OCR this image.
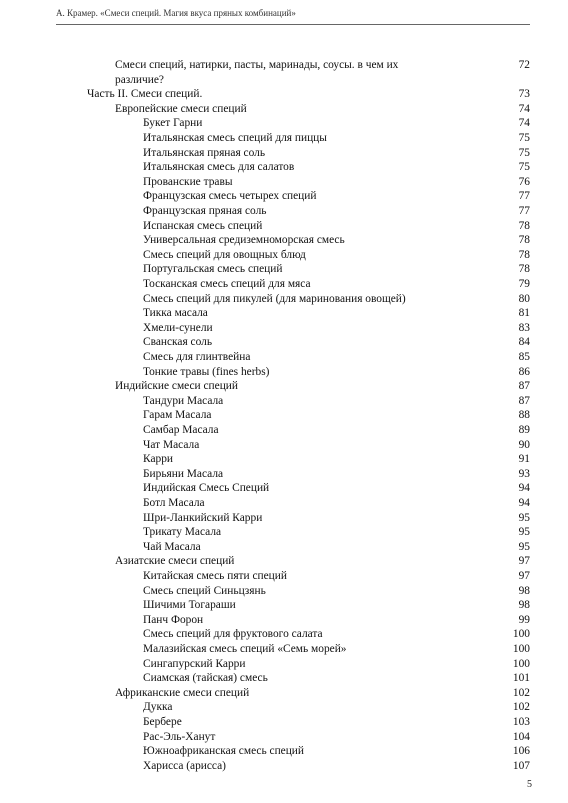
А. Крамер. «Смеси специй. Магия вкуса пряных комбинаций»
Смеси специй, натирки, пасты, маринады, соусы. в чем их	72
различие?
Часть II. Смеси специй.	73
Европейские смеси специй	74
Букет Гарни	74
Итальянская смесь специй для пиццы	75
Итальянская пряная соль	75
Итальянская смесь для салатов	75
Прованские травы	76
Французская смесь четырех специй	77
Французская пряная соль	77
Испанская смесь специй	78
Универсальная средиземноморская смесь	78
Смесь специй для овощных блюд	78
Португальская смесь специй	78
Тосканская смесь специй для мяса	79
Смесь специй для пикулей (для маринования овощей)	80
Тикка масала	81
Хмели-сунели	83
Сванская соль	84
Смесь для глинтвейна	85
Тонкие травы (fines herbs)	86
Индийские смеси специй	87
Тандури Масала	87
Гарам Масала	88
Самбар Масала	89
Чат Масала	90
Карри	91
Бирьяни Масала	93
Индийская Смесь Специй	94
Ботл Масала	94
Шри-Ланкийский Карри	95
Трикату Масала	95
Чай Масала	95
Азиатские смеси специй	97
Китайская смесь пяти специй	97
Смесь специй Синьцзянь	98
Шичими Тогараши	98
Панч Форон	99
Смесь специй для фруктового салата	100
Малазийская смесь специй «Семь морей»	100
Сингапурский Карри	100
Сиамская (тайская) смесь	101
Африканские смеси специй	102
Дукка	102
Бербере	103
Рас-Эль-Ханут	104
Южноафриканская смесь специй	106
Харисса (арисса)	107
5
